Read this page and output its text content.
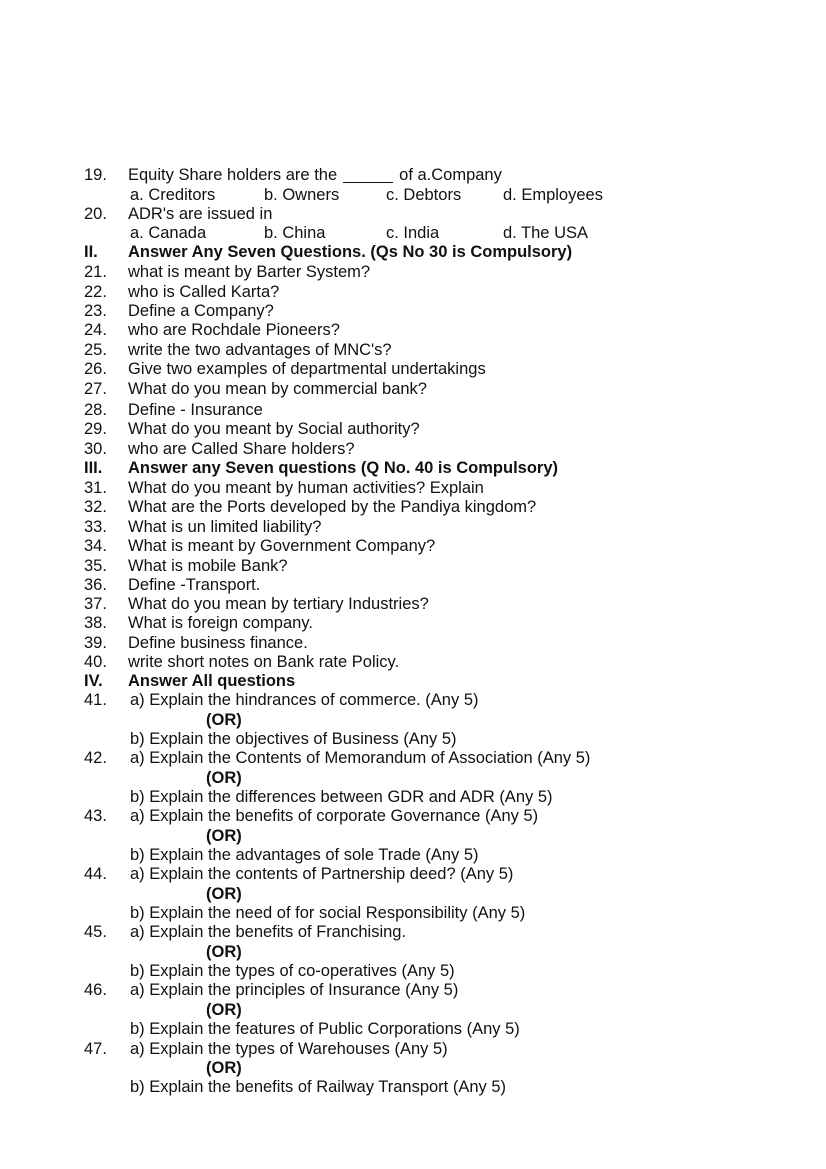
19.	Equity Share holders are the	of a.Company
a. Creditors	b. Owners	c. Debtors	d. Employees
20.	ADR's are issued in
a. Canada	b. China	c. India	d. The USA
II.	Answer Any Seven Questions. (Qs No 30 is Compulsory)
21.	what is meant by Barter System?
22.	who is Called Karta?
23.	Define a Company?
24.	who are Rochdale Pioneers?
25.	write the two advantages of MNC's?
26.	Give two examples of departmental undertakings
27.	What do you mean by commercial bank?
28.	Define - Insurance
29.	What do you meant by Social authority?
30.	who are Called Share holders?
III.	Answer any Seven questions (Q No. 40 is Compulsory)
31.	What do you meant by human activities? Explain
32.	What are the Ports developed by the Pandiya kingdom?
33.	What is un limited liability?
34.	What is meant by Government Company?
35.	What is mobile Bank?
36.	Define -Transport.
37.	What do you mean by tertiary Industries?
38.	What is foreign company.
39.	Define business finance.
40.	write short notes on Bank rate Policy.
IV.	Answer All questions
41.	a) Explain the hindrances of commerce. (Any 5)
(OR)
b) Explain the objectives of Business (Any 5)
42.	a) Explain the Contents of Memorandum of Association (Any 5)
(OR)
b) Explain the differences between GDR and ADR (Any 5)
43.	a) Explain the benefits of corporate Governance (Any 5)
(OR)
b) Explain the advantages of sole Trade (Any 5)
44.	a) Explain the contents of Partnership deed? (Any 5)
(OR)
b) Explain the need of for social Responsibility (Any 5)
45.	a) Explain the benefits of Franchising.
(OR)
b) Explain the types of co-operatives (Any 5)
46.	a) Explain the principles of Insurance (Any 5)
(OR)
b) Explain the features of Public Corporations (Any 5)
47.	a) Explain the types of Warehouses (Any 5)
(OR)
b) Explain the benefits of Railway Transport (Any 5)
